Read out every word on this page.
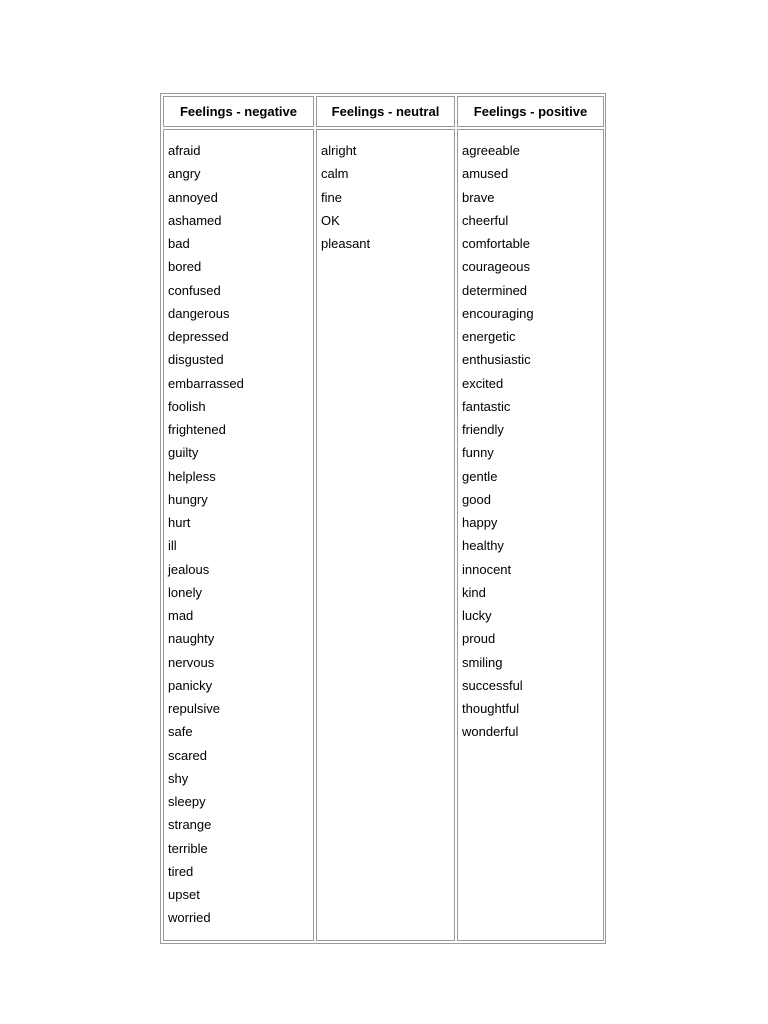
Feelings - negative	Feelings - neutral	Feelings - positive
afraid
angry
annoyed
ashamed
bad
bored
confused
dangerous
depressed
disgusted
embarrassed
foolish
frightened
guilty
helpless
hungry
hurt
ill
jealous
lonely
mad
naughty
nervous
panicky
repulsive
safe
scared
shy
sleepy
strange
terrible
tired
upset
worried
alright
calm
fine
OK
pleasant
agreeable
amused
brave
cheerful
comfortable
courageous
determined
encouraging
energetic
enthusiastic
excited
fantastic
friendly
funny
gentle
good
happy
healthy
innocent
kind
lucky
proud
smiling
successful
thoughtful
wonderful
